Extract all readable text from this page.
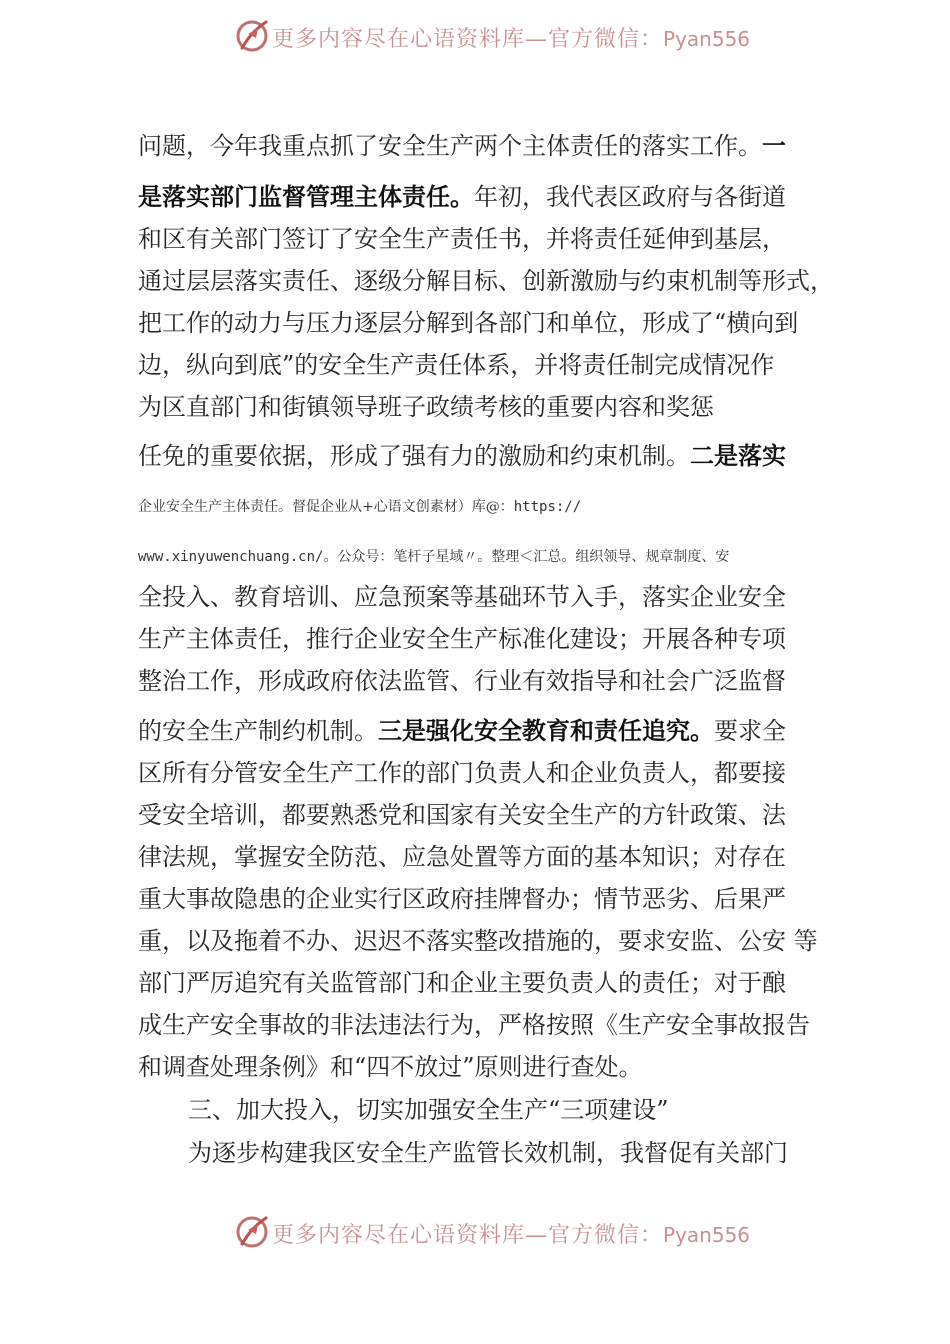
更多内容尽在心语资料库—官方微信：Pyan556
问题，今年我重点抓了安全生产两个主体责任的落实工作。一
是落实部门监督管理主体责任。年初，我代表区政府与各街道
和区有关部门签订了安全生产责任书，并将责任延伸到基层，
通过层层落实责任、逐级分解目标、创新激励与约束机制等形式，
把工作的动力与压力逐层分解到各部门和单位，形成了“横向到
边，纵向到底”的安全生产责任体系，并将责任制完成情况作
为区直部门和街镇领导班子政绩考核的重要内容和奖惩
任免的重要依据，形成了强有力的激励和约束机制。二是落实
企业安全生产主体责任。督促企业从+心语文创素材）库@：https://
www.xinyuwenchuang.cn/。公众号：笔杆子星域〃。整理＜汇总。组织领导、规章制度、安
全投入、教育培训、应急预案等基础环节入手，落实企业安全
生产主体责任，推行企业安全生产标准化建设；开展各种专项
整治工作，形成政府依法监管、行业有效指导和社会广泛监督
的安全生产制约机制。三是强化安全教育和责任追究。要求全
区所有分管安全生产工作的部门负责人和企业负责人，都要接
受安全培训，都要熟悉党和国家有关安全生产的方针政策、法
律法规，掌握安全防范、应急处置等方面的基本知识；对存在
重大事故隐患的企业实行区政府挂牌督办；情节恶劣、后果严
重，以及拖着不办、迟迟不落实整改措施的，要求安监、公安 等
部门严厉追究有关监管部门和企业主要负责人的责任；对于酿
成生产安全事故的非法违法行为，严格按照《生产安全事故报告
和调查处理条例》和“四不放过”原则进行查处。
三、加大投入，切实加强安全生产“三项建设”
为逐步构建我区安全生产监管长效机制，我督促有关部门
更多内容尽在心语资料库—官方微信：Pyan556
